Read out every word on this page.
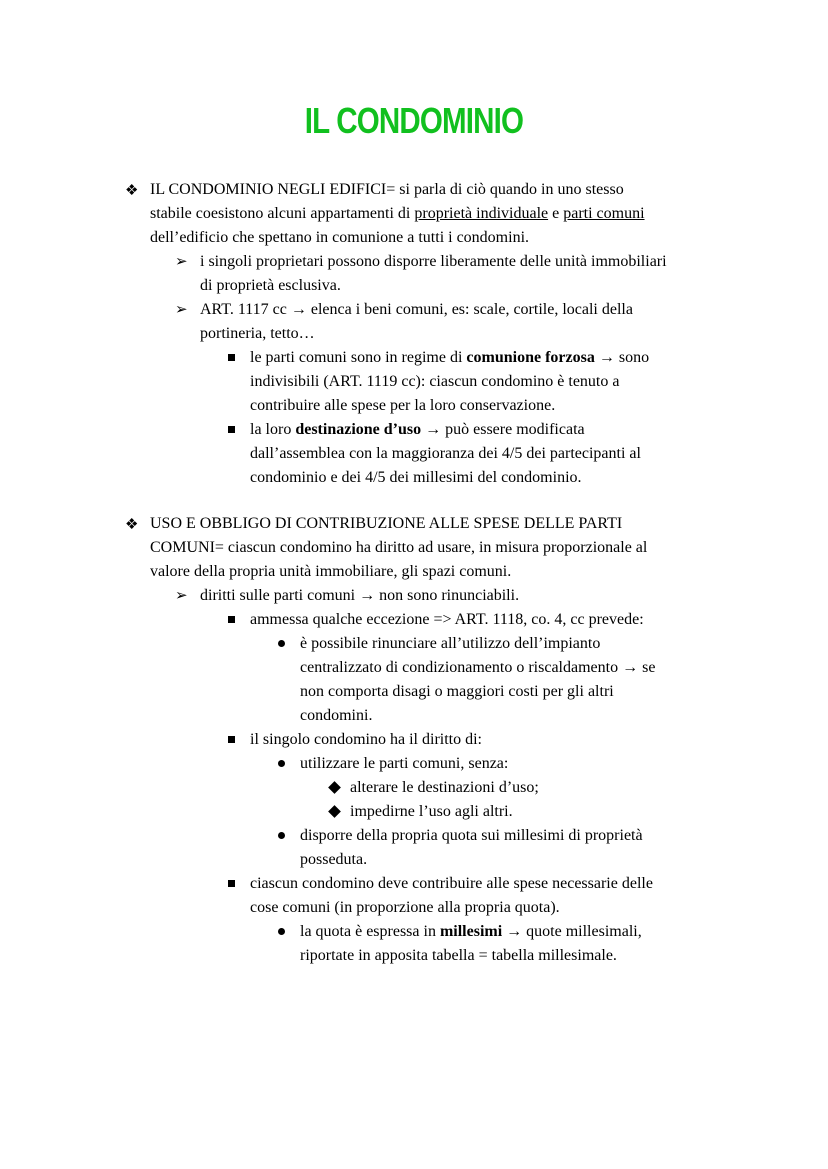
IL CONDOMINIO
❖ IL CONDOMINIO NEGLI EDIFICI= si parla di ciò quando in uno stesso
stabile coesistono alcuni appartamenti di proprietà individuale e parti comuni
dell’edificio che spettano in comunione a tutti i condomini.
➢ i singoli proprietari possono disporre liberamente delle unità immobiliari
di proprietà esclusiva.
➢ ART. 1117 cc → elenca i beni comuni, es: scale, cortile, locali della
portineria, tetto…
le parti comuni sono in regime di comunione forzosa → sono
indivisibili (ART. 1119 cc): ciascun condomino è tenuto a
contribuire alle spese per la loro conservazione.
la loro destinazione d’uso → può essere modificata
dall’assemblea con la maggioranza dei 4/5 dei partecipanti al
condominio e dei 4/5 dei millesimi del condominio.
❖ USO E OBBLIGO DI CONTRIBUZIONE ALLE SPESE DELLE PARTI
COMUNI= ciascun condomino ha diritto ad usare, in misura proporzionale al
valore della propria unità immobiliare, gli spazi comuni.
➢ diritti sulle parti comuni → non sono rinunciabili.
ammessa qualche eccezione => ART. 1118, co. 4, cc prevede:
è possibile rinunciare all’utilizzo dell’impianto
centralizzato di condizionamento o riscaldamento → se
non comporta disagi o maggiori costi per gli altri
condomini.
il singolo condomino ha il diritto di:
utilizzare le parti comuni, senza:
alterare le destinazioni d’uso;
impedirne l’uso agli altri.
disporre della propria quota sui millesimi di proprietà
posseduta.
ciascun condomino deve contribuire alle spese necessarie delle
cose comuni (in proporzione alla propria quota).
la quota è espressa in millesimi → quote millesimali,
riportate in apposita tabella = tabella millesimale.
